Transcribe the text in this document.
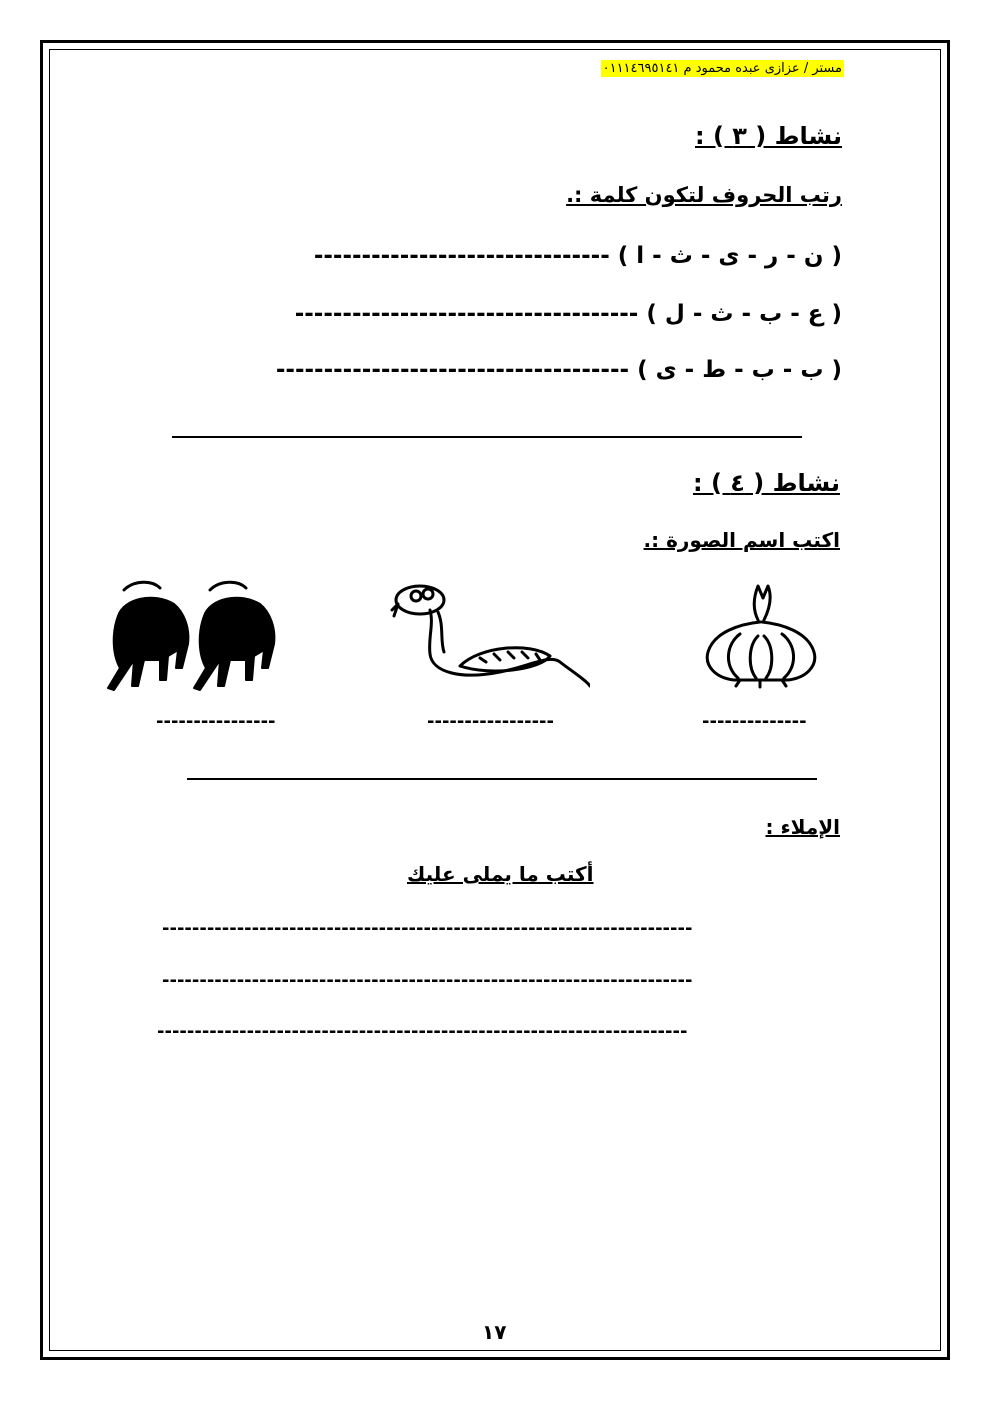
مستر / عزازى عبده محمود م ٠١١١٤٦٩٥١٤١
نشاط ( ٣ ) :
رتب الحروف لتكون كلمة :.
( ن - ر - ى - ث - ا ) -------------------------------
( ع - ب - ث - ل ) ------------------------------------
( ب - ب - ط - ى ) -------------------------------------
نشاط ( ٤ ) :
اكتب اسم الصورة :.
--------------
-----------------
----------------
الإملاء :
أكتب ما يملى عليك
-----------------------------------------------------------------------
-----------------------------------------------------------------------
-----------------------------------------------------------------------
١٧
